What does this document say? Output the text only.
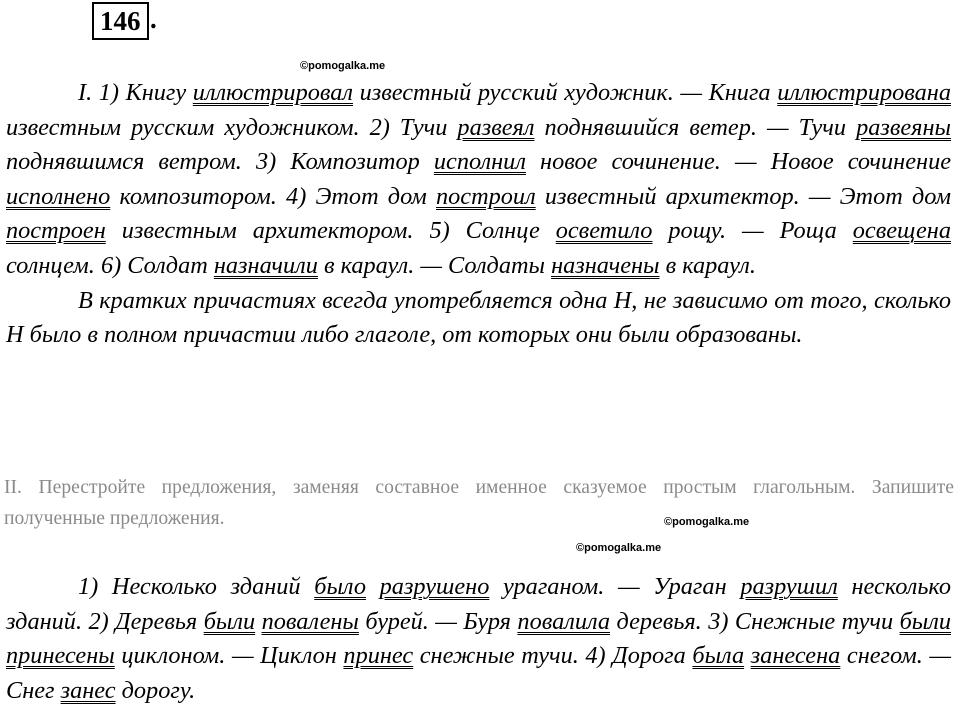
146 .
©pomogalka.me

I. 1) Книгу иллюстрировал известный русский художник. — Книга иллюстрирована известным русским художником. 2) Тучи развеял поднявшийся ветер. — Тучи развеяны поднявшимся ветром. 3) Композитор исполнил новое сочинение. — Новое сочинение исполнено композитором. 4) Этот дом построил известный архитектор. — Этот дом построен известным архитектором. 5) Солнце осветило рощу. — Роща освещена солнцем. 6) Солдат назначили в караул. — Солдаты назначены в караул.

В кратких причастиях всегда употребляется одна Н, не зависимо от того, сколько Н было в полном причастии либо глаголе, от которых они были образованы.

II. Перестройте предложения, заменяя составное именное сказуемое простым глагольным. Запишите полученные предложения.	©pomogalka.me
©pomogalka.me

1) Несколько зданий было разрушено ураганом. — Ураган разрушил несколько зданий. 2) Деревья были повалены бурей. — Буря повалила деревья. 3) Снежные тучи были принесены циклоном. — Циклон принес снежные тучи. 4) Дорога была занесена снегом. — Снег занес дорогу.
